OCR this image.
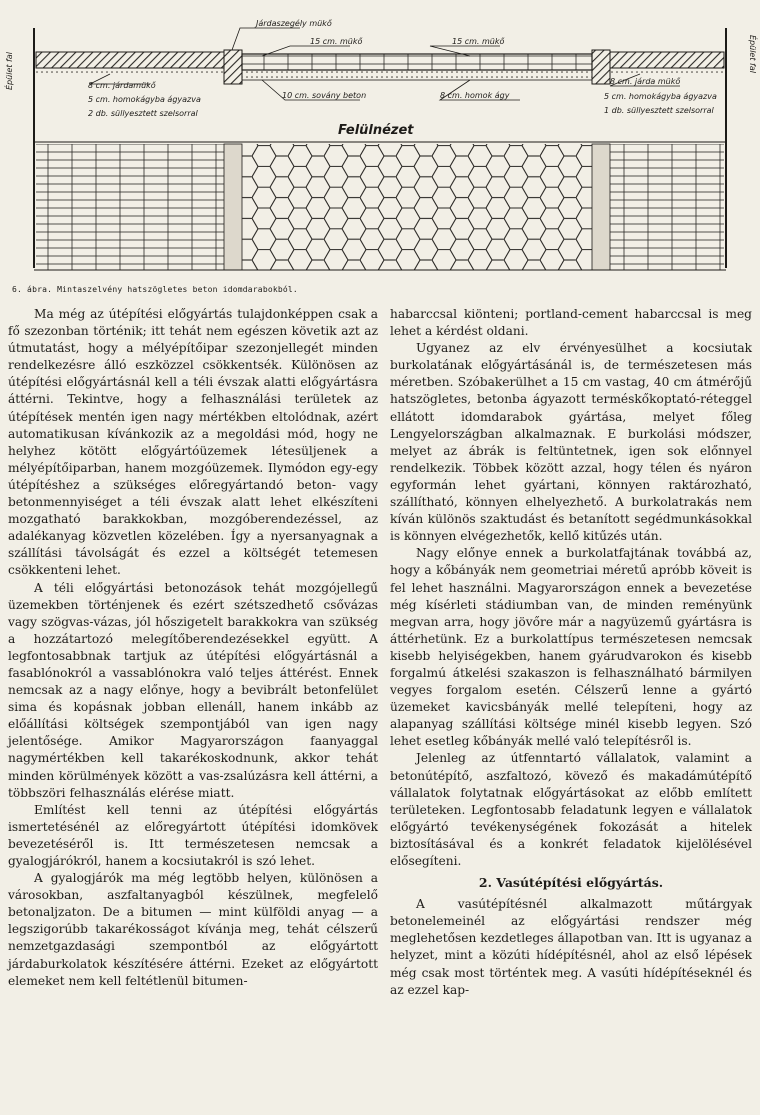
Épület fal	Épület fal
Járdaszegély mükő
15 cm. mükő	15 cm. mükő
8 cm. járdamükő
5 cm. homokágyba ágyazva
2 db. süllyesztett szelsorral
10 cm. sovány beton	8 cm. homok ágy
8 cm. járda mükő
5 cm. homokágyba ágyazva
1 db. süllyesztett szelsorral
Felülnézet
6. ábra. Mintaszelvény hatszögletes beton idomdarabokból.

Ma még az útépítési előgyártás tulajdonképpen csak a fő szezonban történik; itt tehát nem egészen követik azt az útmutatást, hogy a mélyépítőipar szezonjellegét minden rendelkezésre álló eszközzel csökkentsék. Különösen az útépítési előgyártásnál kell a téli évszak alatti előgyártásra áttérni. Tekintve, hogy a felhasználási területek az útépítések mentén igen nagy mértékben eltolódnak, azért automatikusan kívánkozik az a megoldási mód, hogy ne helyhez kötött előgyártóüzemek létesüljenek a mélyépítőiparban, hanem mozgóüzemek. Ilymódon egy-egy útépítéshez a szükséges előregyártandó beton- vagy betonmennyiséget a téli évszak alatt lehet elkészíteni mozgatható barakkokban, mozgóberendezéssel, az adalékanyag közvetlen közelében. Így a nyersanyagnak a szállítási távolságát és ezzel a költségét tetemesen csökkenteni lehet.

A téli előgyártási betonozások tehát mozgójellegű üzemekben történjenek és ezért szétszedhető csővázas vagy szögvas-vázas, jól hőszigetelt barakkokra van szükség a hozzátartozó melegítőberendezésekkel együtt. A legfontosabbnak tartjuk az útépítési előgyártásnál a fasablónokról a vassablónokra való teljes áttérést. Ennek nemcsak az a nagy előnye, hogy a bevibrált betonfelület sima és kopásnak jobban ellenáll, hanem inkább az előállítási költségek szempontjából van igen nagy jelentősége. Amikor Magyarországon faanyaggal nagymértékben kell takarékoskodnunk, akkor tehát minden körülmények között a vas-zsalúzásra kell áttérni, a többszöri felhasználás elérése miatt.

Említést kell tenni az útépítési előgyártás ismertetésénél az előregyártott útépítési idomkövek bevezetéséről is. Itt természetesen nemcsak a gyalogjárókról, hanem a kocsiutakról is szó lehet.

A gyalogjárók ma még legtöbb helyen, különösen a városokban, aszfaltanyagból készülnek, megfelelő betonaljzaton. De a bitumen — mint külföldi anyag — a legszigorúbb takarékosságot kívánja meg, tehát célszerű nemzetgazdasági szempontból az előgyártott járdaburkolatok készítésére áttérni. Ezeket az előgyártott elemeket nem kell feltétlenül bitumen-

habarccsal kiönteni; portland-cement habarccsal is meg lehet a kérdést oldani.

Ugyanez az elv érvényesülhet a kocsiutak burkolatának előgyártásánál is, de természetesen más méretben. Szóbakerülhet a 15 cm vastag, 40 cm átmérőjű hatszögletes, betonba ágyazott terméskőkoptató-réteggel ellátott idomdarabok gyártása, melyet főleg Lengyelországban alkalmaznak. E burkolási módszer, melyet az ábrák is feltüntetnek, igen sok előnnyel rendelkezik. Többek között azzal, hogy télen és nyáron egyformán lehet gyártani, könnyen raktározható, szállítható, könnyen elhelyezhető. A burkolatrakás nem kíván különös szaktudást és betanított segédmunkásokkal is könnyen elvégezhetők, kellő kitűzés után.

Nagy előnye ennek a burkolatfajtának továbbá az, hogy a kőbányák nem geometriai méretű apróbb köveit is fel lehet használni. Magyarországon ennek a bevezetése még kísérleti stádiumban van, de minden reményünk megvan arra, hogy jövőre már a nagyüzemű gyártásra is áttérhetünk. Ez a burkolattípus természetesen nemcsak kisebb helyiségekben, hanem gyárudvarokon és kisebb forgalmú átkelési szakaszon is felhasználható bármilyen vegyes forgalom esetén. Célszerű lenne a gyártó üzemeket kavicsbányák mellé telepíteni, hogy az alapanyag szállítási költsége minél kisebb legyen. Szó lehet esetleg kőbányák mellé való telepítésről is.

Jelenleg az útfenntartó vállalatok, valamint a betonútépítő, aszfaltozó, kövező és makadámútépítő vállalatok folytatnak előgyártásokat az előbb említett területeken. Legfontosabb feladatunk legyen e vállalatok előgyártó tevékenységének fokozását a hitelek biztosításával és a konkrét feladatok kijelölésével elősegíteni.

2. Vasútépítési előgyártás.

A vasútépítésnél alkalmazott műtárgyak betonelemeinél az előgyártási rendszer még meglehetősen kezdetleges állapotban van. Itt is ugyanaz a helyzet, mint a közúti hídépítésnél, ahol az első lépések még csak most történtek meg. A vasúti hídépítéseknél és az ezzel kap-
